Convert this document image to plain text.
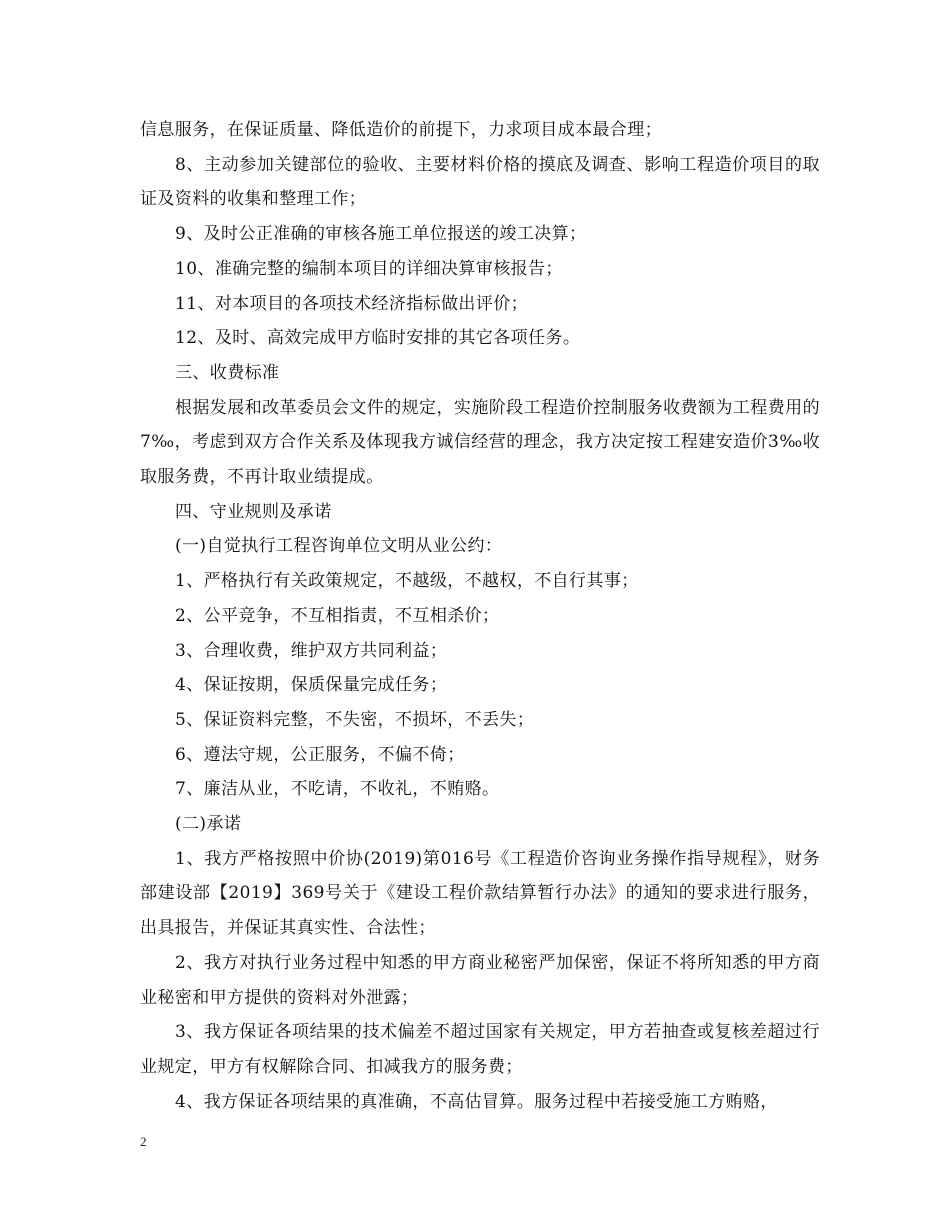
信息服务，在保证质量、降低造价的前提下，力求项目成本最合理；

8、主动参加关键部位的验收、主要材料价格的摸底及调查、影响工程造价项目的取证及资料的收集和整理工作；

9、及时公正准确的审核各施工单位报送的竣工决算；

10、准确完整的编制本项目的详细决算审核报告；

11、对本项目的各项技术经济指标做出评价；

12、及时、高效完成甲方临时安排的其它各项任务。

三、收费标准

根据发展和改革委员会文件的规定，实施阶段工程造价控制服务收费额为工程费用的7‰，考虑到双方合作关系及体现我方诚信经营的理念，我方决定按工程建安造价3‰收取服务费，不再计取业绩提成。

四、守业规则及承诺

(一)自觉执行工程咨询单位文明从业公约：

1、严格执行有关政策规定，不越级，不越权，不自行其事；

2、公平竞争，不互相指责，不互相杀价；

3、合理收费，维护双方共同利益；

4、保证按期，保质保量完成任务；

5、保证资料完整，不失密，不损坏，不丢失；

6、遵法守规，公正服务，不偏不倚；

7、廉洁从业，不吃请，不收礼，不贿赂。

(二)承诺

1、我方严格按照中价协(2019)第016号《工程造价咨询业务操作指导规程》，财务部建设部【2019】369号关于《建设工程价款结算暂行办法》的通知的要求进行服务，出具报告，并保证其真实性、合法性；

2、我方对执行业务过程中知悉的甲方商业秘密严加保密，保证不将所知悉的甲方商业秘密和甲方提供的资料对外泄露；

3、我方保证各项结果的技术偏差不超过国家有关规定，甲方若抽查或复核差超过行业规定，甲方有权解除合同、扣减我方的服务费；

4、我方保证各项结果的真准确，不高估冒算。服务过程中若接受施工方贿赂，

2
